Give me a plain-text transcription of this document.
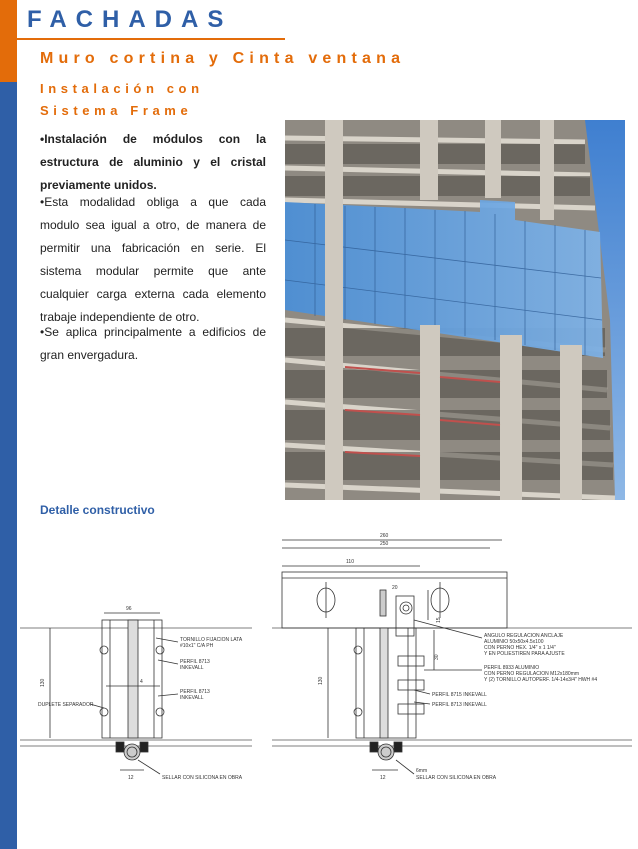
FACHADAS
Muro cortina y Cinta ventana
Instalación con Sistema Frame
•Instalación de módulos con la estructura de aluminio y el cristal previamente unidos.
•Esta modalidad obliga a que cada modulo sea igual a otro, de manera de permitir una fabricación en serie. El sistema modular permite que ante cualquier carga externa cada elemento trabaje independiente de otro.
•Se aplica principalmente a edificios de gran envergadura.
Detalle constructivo
96
130	4
12
TORNILLO FIJACION LATA
#10x1" C/A PH
PERFIL 8713
INKEVALL
PERFIL 8713
INKEVALL
DUPLETE SEPARADOR
SELLAR CON SILICONA EN OBRA
260
250
110
20
15
30
130
12
ANGULO REGULACION ANCLAJE
ALUMINIO 50x50x4.5x100
CON PERNO HEX. 1/4" x 1 1/4"
Y EN POLIESTIREN PARA AJUSTE
PERFIL 8933 ALUMINIO
CON PERNO REGULACION M12x180mm
Y (2) TORNILLO AUTOPERF. 1/4-14x3/4" HWH #4
PERFIL 8715 INKEVALL
PERFIL 8713 INKEVALL
6mm
SELLAR CON SILICONA EN OBRA
